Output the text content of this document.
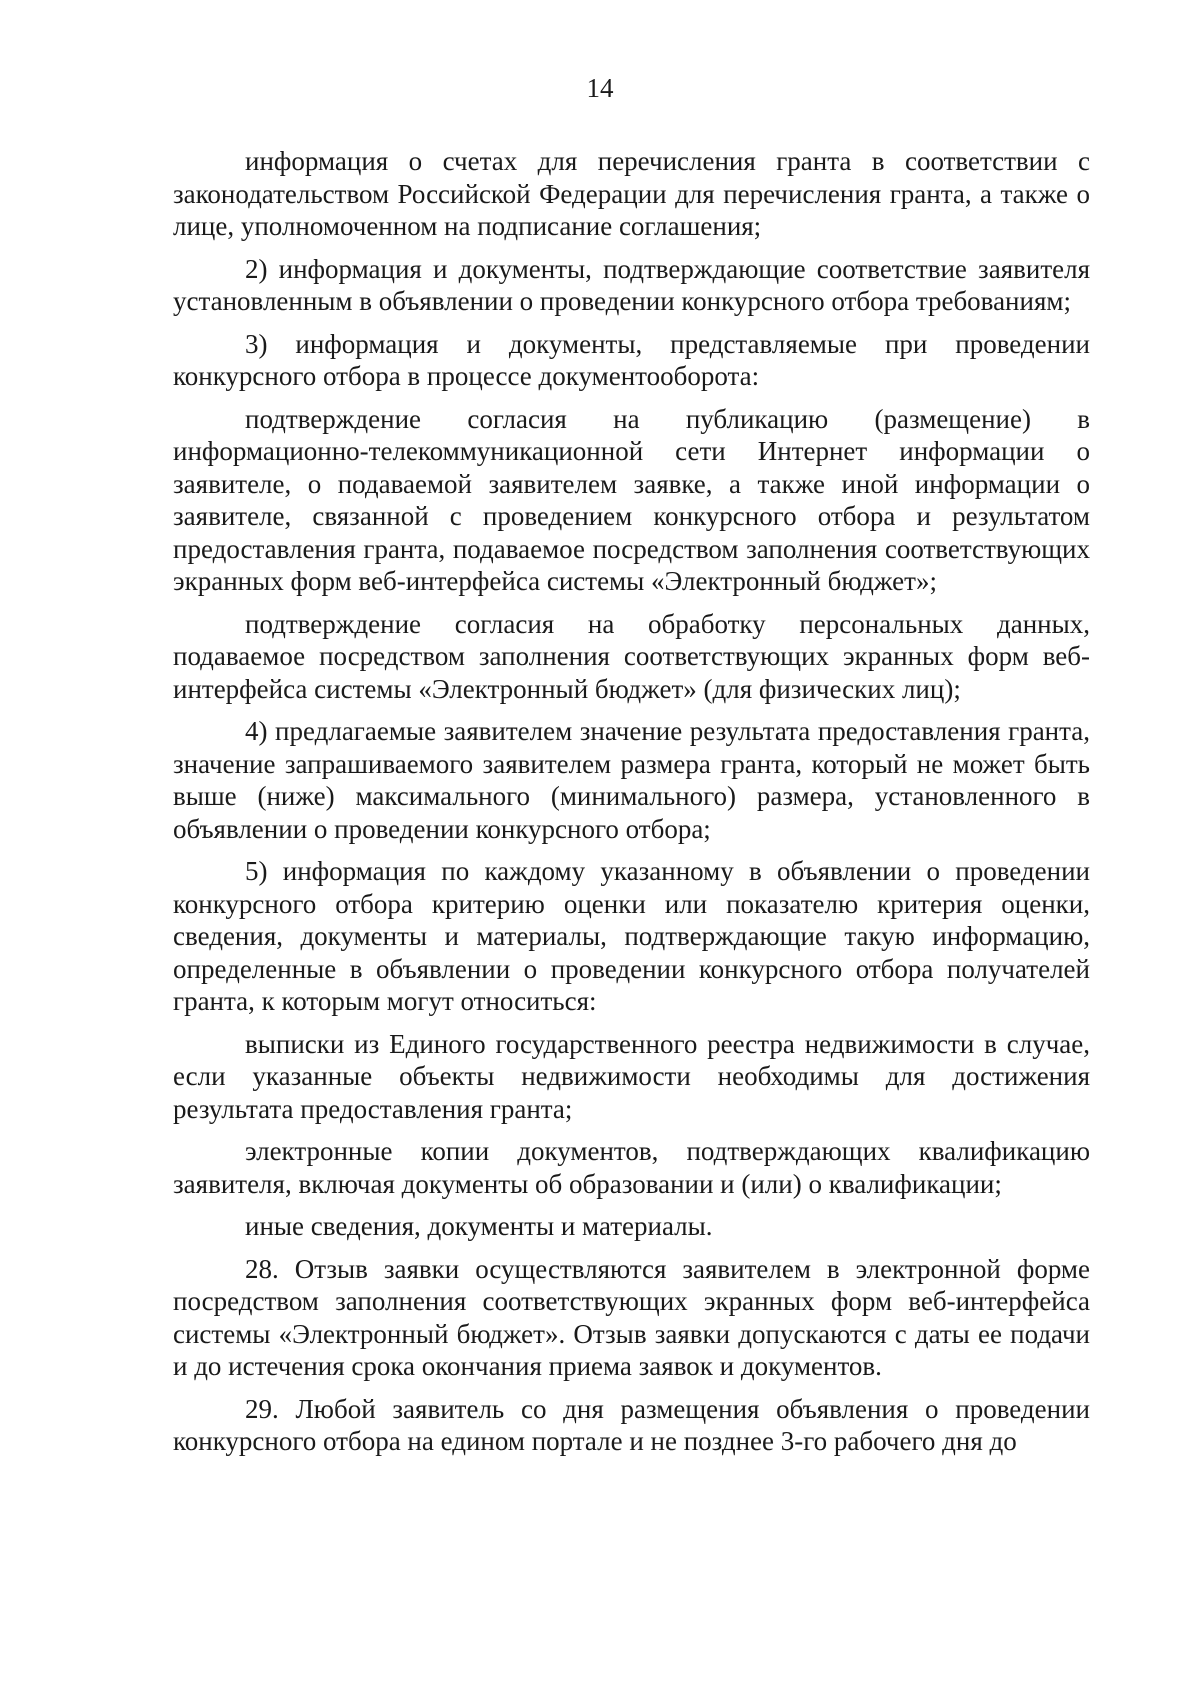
14

информация о счетах для перечисления гранта в соответствии с законодательством Российской Федерации для перечисления гранта, а также о лице, уполномоченном на подписание соглашения;

2) информация и документы, подтверждающие соответствие заявителя установленным в объявлении о проведении конкурсного отбора требованиям;

3) информация и документы, представляемые при проведении конкурсного отбора в процессе документооборота:

подтверждение согласия на публикацию (размещение) в информационно-телекоммуникационной сети Интернет информации о заявителе, о подаваемой заявителем заявке, а также иной информации о заявителе, связанной с проведением конкурсного отбора и результатом предоставления гранта, подаваемое посредством заполнения соответствующих экранных форм веб-интерфейса системы «Электронный бюджет»;

подтверждение согласия на обработку персональных данных, подаваемое посредством заполнения соответствующих экранных форм веб-интерфейса системы «Электронный бюджет» (для физических лиц);

4) предлагаемые заявителем значение результата предоставления гранта, значение запрашиваемого заявителем размера гранта, который не может быть выше (ниже) максимального (минимального) размера, установленного в объявлении о проведении конкурсного отбора;

5) информация по каждому указанному в объявлении о проведении конкурсного отбора критерию оценки или показателю критерия оценки, сведения, документы и материалы, подтверждающие такую информацию, определенные в объявлении о проведении конкурсного отбора получателей гранта, к которым могут относиться:

выписки из Единого государственного реестра недвижимости в случае, если указанные объекты недвижимости необходимы для достижения результата предоставления гранта;

электронные копии документов, подтверждающих квалификацию заявителя, включая документы об образовании и (или) о квалификации;

иные сведения, документы и материалы.

28. Отзыв заявки осуществляются заявителем в электронной форме посредством заполнения соответствующих экранных форм веб-интерфейса системы «Электронный бюджет». Отзыв заявки допускаются с даты ее подачи и до истечения срока окончания приема заявок и документов.

29. Любой заявитель со дня размещения объявления о проведении конкурсного отбора на едином портале и не позднее 3-го рабочего дня до
